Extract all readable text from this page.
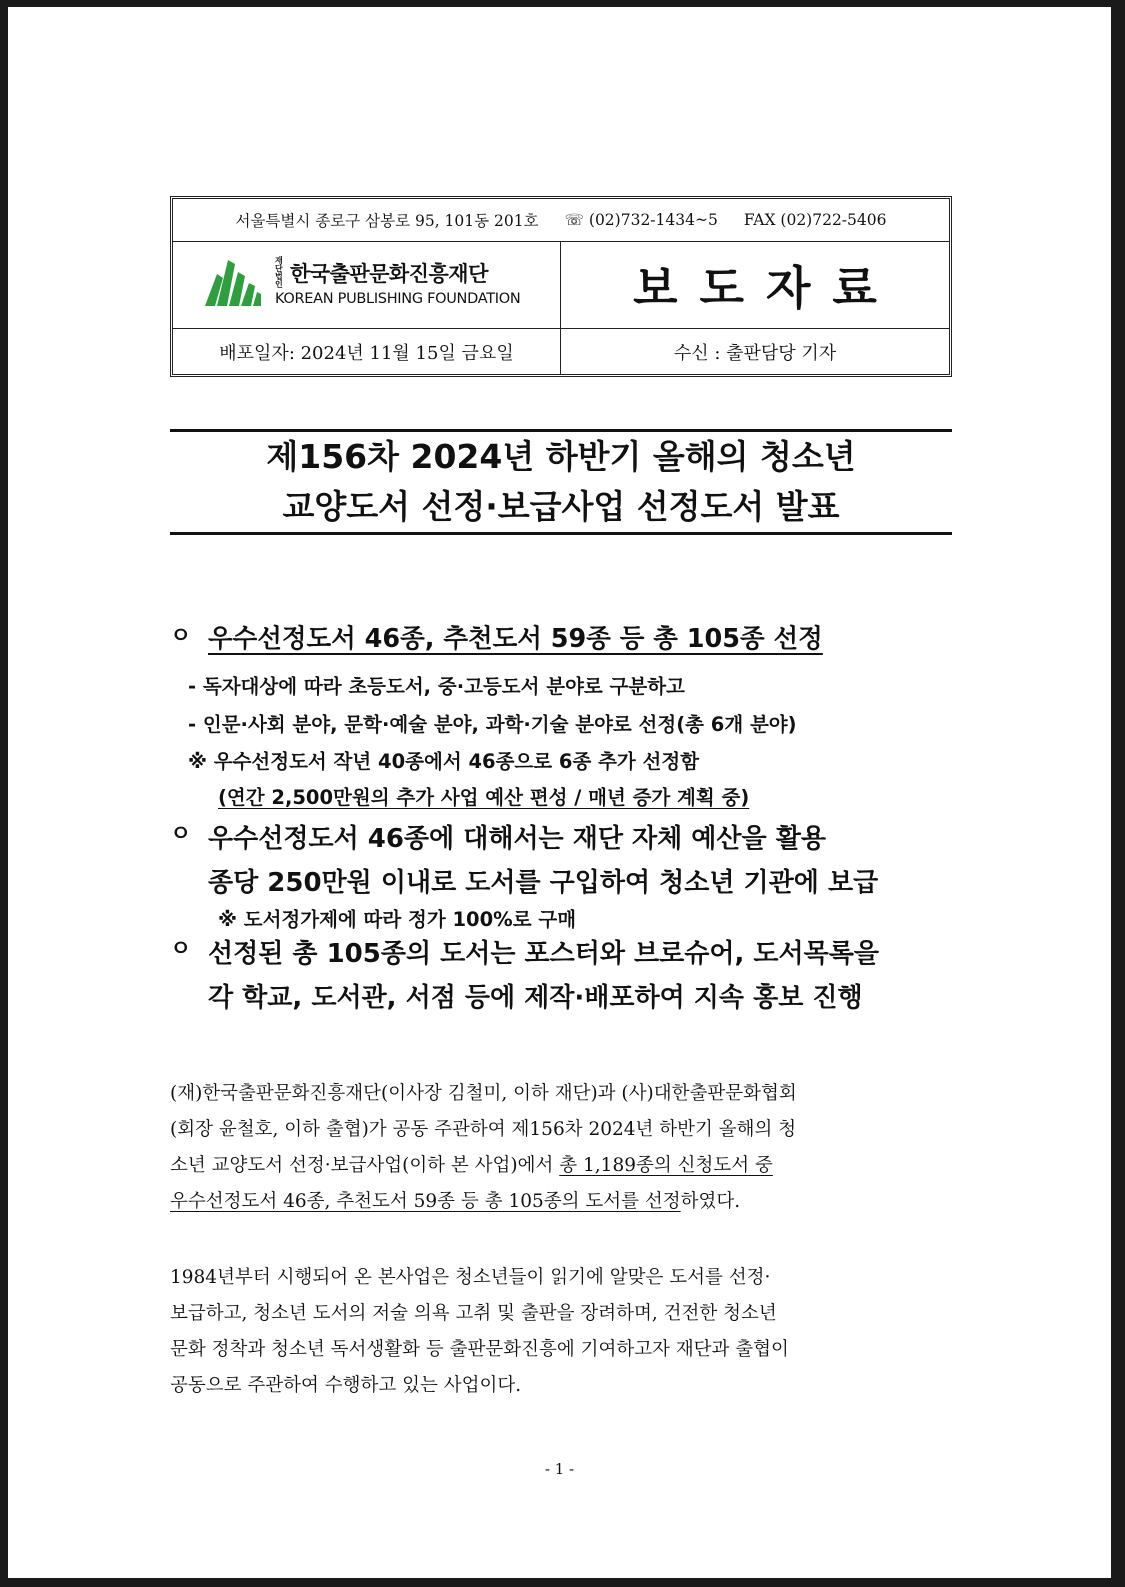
서울특별시 종로구 삼봉로 95, 101동 201호 ☏ (02)732-1434~5 FAX (02)722-5406
재단법인 한국출판문화진흥재단
KOREAN PUBLISHING FOUNDATION	보도자료
배포일자: 2024년 11월 15일 금요일	수신 : 출판담당 기자
제156차 2024년 하반기 올해의 청소년
교양도서 선정·보급사업 선정도서 발표
ㅇ 우수선정도서 46종, 추천도서 59종 등 총 105종 선정
- 독자대상에 따라 초등도서, 중·고등도서 분야로 구분하고
- 인문·사회 분야, 문학·예술 분야, 과학·기술 분야로 선정(총 6개 분야)
※ 우수선정도서 작년 40종에서 46종으로 6종 추가 선정함
(연간 2,500만원의 추가 사업 예산 편성 / 매년 증가 계획 중)
ㅇ 우수선정도서 46종에 대해서는 재단 자체 예산을 활용
종당 250만원 이내로 도서를 구입하여 청소년 기관에 보급
※ 도서정가제에 따라 정가 100%로 구매
ㅇ 선정된 총 105종의 도서는 포스터와 브로슈어, 도서목록을
각 학교, 도서관, 서점 등에 제작·배포하여 지속 홍보 진행
(재)한국출판문화진흥재단(이사장 김철미, 이하 재단)과 (사)대한출판문화협회
(회장 윤철호, 이하 출협)가 공동 주관하여 제156차 2024년 하반기 올해의 청
소년 교양도서 선정·보급사업(이하 본 사업)에서 총 1,189종의 신청도서 중
우수선정도서 46종, 추천도서 59종 등 총 105종의 도서를 선정하였다.
1984년부터 시행되어 온 본사업은 청소년들이 읽기에 알맞은 도서를 선정·
보급하고, 청소년 도서의 저술 의욕 고취 및 출판을 장려하며, 건전한 청소년
문화 정착과 청소년 독서생활화 등 출판문화진흥에 기여하고자 재단과 출협이
공동으로 주관하여 수행하고 있는 사업이다.
- 1 -
